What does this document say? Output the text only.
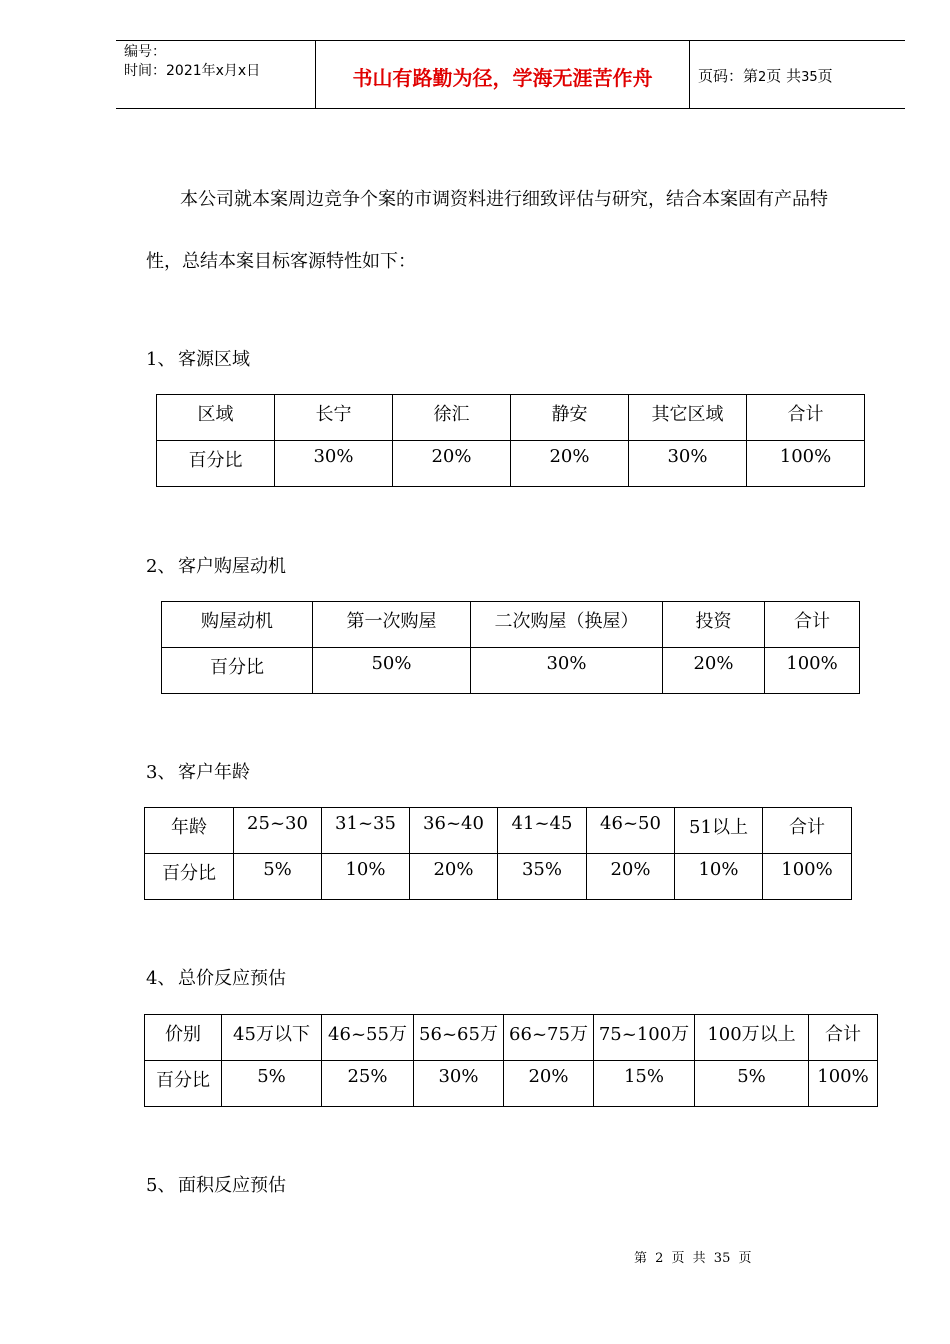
编号：
时间：2021年x月x日	书山有路勤为径，学海无涯苦作舟	页码：第2页 共35页
本公司就本案周边竞争个案的市调资料进行细致评估与研究，结合本案固有产品特
性，总结本案目标客源特性如下：
1、 客源区域
区域	长宁	徐汇	静安	其它区域	合计
百分比	30%	20%	20%	30%	100%
2、 客户购屋动机
购屋动机	第一次购屋	二次购屋（换屋）	投资	合计
百分比	50%	30%	20%	100%
3、 客户年龄
年龄	25~30	31~35	36~40	41~45	46~50	51以上	合计
百分比	5%	10%	20%	35%	20%	10%	100%
4、 总价反应预估
价别	45万以下	46~55万	56~65万	66~75万	75~100万	100万以上	合计
百分比	5%	25%	30%	20%	15%	5%	100%
5、 面积反应预估
第 2 页 共 35 页
